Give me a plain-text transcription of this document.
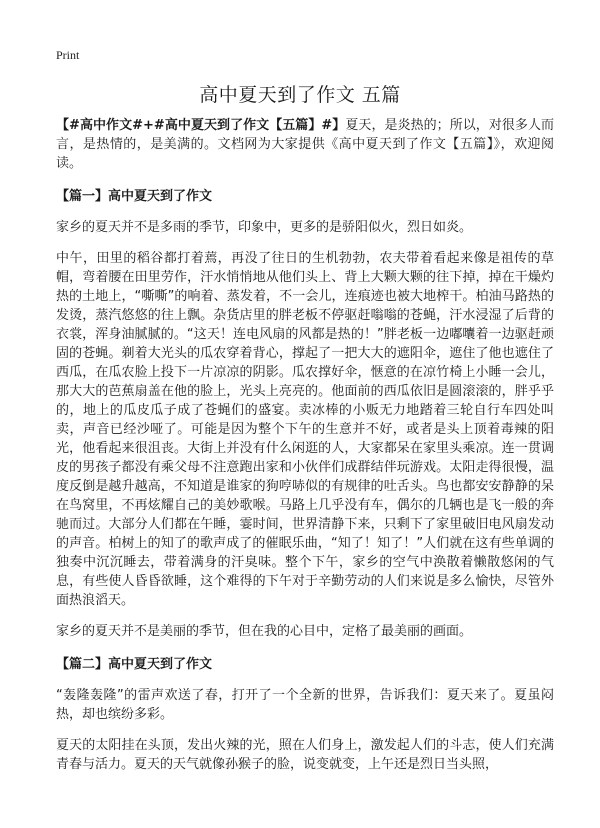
Print
高中夏天到了作文 五篇

【#高中作文#+#高中夏天到了作文【五篇】#】夏天，是炎热的；所以，对很多人而言，是热情的，是美满的。文档网为大家提供《高中夏天到了作文【五篇】》，欢迎阅读。

【篇一】高中夏天到了作文

家乡的夏天并不是多雨的季节，印象中，更多的是骄阳似火，烈日如炎。

中午，田里的稻谷都打着蔫，再没了往日的生机勃勃，农夫带着看起来像是祖传的草帽，弯着腰在田里劳作，汗水悄悄地从他们头上、背上大颗大颗的往下掉，掉在干燥灼热的土地上，“嘶嘶”的响着、蒸发着，不一会儿，连痕迹也被大地榨干。柏油马路热的发烫，蒸汽悠悠的往上飘。杂货店里的胖老板不停驱赶嗡嗡的苍蝇，汗水浸湿了后背的衣裳，浑身油腻腻的。“这天！连电风扇的风都是热的！”胖老板一边嘟囔着一边驱赶顽固的苍蝇。剃着大光头的瓜农穿着背心，撑起了一把大大的遮阳伞，遮住了他也遮住了西瓜，在瓜农脸上投下一片凉凉的阴影。瓜农撑好伞，惬意的在凉竹椅上小睡一会儿，那大大的芭蕉扇盖在他的脸上，光头上亮亮的。他面前的西瓜依旧是圆滚滚的，胖乎乎的，地上的瓜皮瓜子成了苍蝇们的盛宴。卖冰棒的小贩无力地踏着三轮自行车四处叫卖，声音已经沙哑了。可能是因为整个下午的生意并不好，或者是头上顶着毒辣的阳光，他看起来很沮丧。大街上并没有什么闲逛的人，大家都呆在家里头乘凉。连一贯调皮的男孩子都没有乘父母不注意跑出家和小伙伴们成群结伴玩游戏。太阳走得很慢，温度反倒是越升越高，不知道是谁家的狗哼哧似的有规律的吐舌头。鸟也都安安静静的呆在鸟窝里，不再炫耀自己的美妙歌喉。马路上几乎没有车，偶尔的几辆也是飞一般的奔驰而过。大部分人们都在午睡，霎时间，世界清静下来，只剩下了家里破旧电风扇发动的声音。柏树上的知了的歌声成了的催眠乐曲，“知了！知了！”人们就在这有些单调的独奏中沉沉睡去，带着满身的汗臭味。整个下午，家乡的空气中涣散着懒散悠闲的气息，有些使人昏昏欲睡，这个难得的下午对于辛勤劳动的人们来说是多么愉快，尽管外面热浪滔天。

家乡的夏天并不是美丽的季节，但在我的心目中，定格了最美丽的画面。

【篇二】高中夏天到了作文

“轰隆轰隆”的雷声欢送了春，打开了一个全新的世界，告诉我们：夏天来了。夏虽闷热，却也缤纷多彩。

夏天的太阳挂在头顶，发出火辣的光，照在人们身上，激发起人们的斗志，使人们充满青春与活力。夏天的天气就像孙猴子的脸，说变就变，上午还是烈日当头照，
